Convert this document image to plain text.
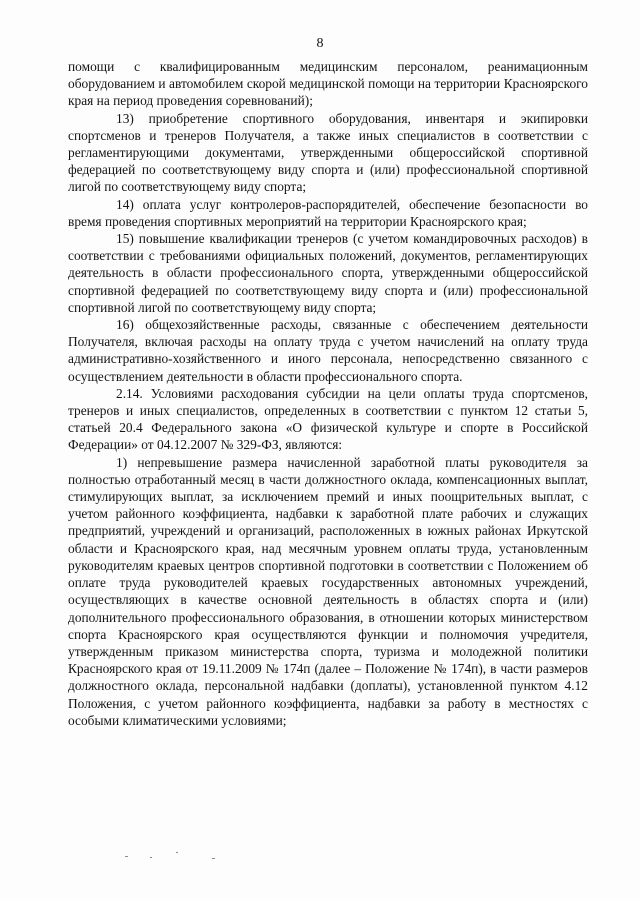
8

помощи с квалифицированным медицинским персоналом, реанимационным оборудованием и автомобилем скорой медицинской помощи на территории Красноярского края на период проведения соревнований);

13) приобретение спортивного оборудования, инвентаря и экипировки спортсменов и тренеров Получателя, а также иных специалистов в соответствии с регламентирующими документами, утвержденными общероссийской спортивной федерацией по соответствующему виду спорта и (или) профессиональной спортивной лигой по соответствующему виду спорта;

14) оплата услуг контролеров-распорядителей, обеспечение безопасности во время проведения спортивных мероприятий на территории Красноярского края;

15) повышение квалификации тренеров (с учетом командировочных расходов) в соответствии с требованиями официальных положений, документов, регламентирующих деятельность в области профессионального спорта, утвержденными общероссийской спортивной федерацией по соответствующему виду спорта и (или) профессиональной спортивной лигой по соответствующему виду спорта;

16) общехозяйственные расходы, связанные с обеспечением деятельности Получателя, включая расходы на оплату труда с учетом начислений на оплату труда административно-хозяйственного и иного персонала, непосредственно связанного с осуществлением деятельности в области профессионального спорта.

2.14. Условиями расходования субсидии на цели оплаты труда спортсменов, тренеров и иных специалистов, определенных в соответствии с пунктом 12 статьи 5, статьей 20.4 Федерального закона «О физической культуре и спорте в Российской Федерации» от 04.12.2007 № 329-ФЗ, являются:

1) непревышение размера начисленной заработной платы руководителя за полностью отработанный месяц в части должностного оклада, компенсационных выплат, стимулирующих выплат, за исключением премий и иных поощрительных выплат, с учетом районного коэффициента, надбавки к заработной плате рабочих и служащих предприятий, учреждений и организаций, расположенных в южных районах Иркутской области и Красноярского края, над месячным уровнем оплаты труда, установленным руководителям краевых центров спортивной подготовки в соответствии с Положением об оплате труда руководителей краевых государственных автономных учреждений, осуществляющих в качестве основной деятельность в областях спорта и (или) дополнительного профессионального образования, в отношении которых министерством спорта Красноярского края осуществляются функции и полномочия учредителя, утвержденным приказом министерства спорта, туризма и молодежной политики Красноярского края от 19.11.2009 № 174п (далее – Положение № 174п), в части размеров должностного оклада, персональной надбавки (доплаты), установленной пунктом 4.12 Положения, с учетом районного коэффициента, надбавки за работу в местностях с особыми климатическими условиями;
